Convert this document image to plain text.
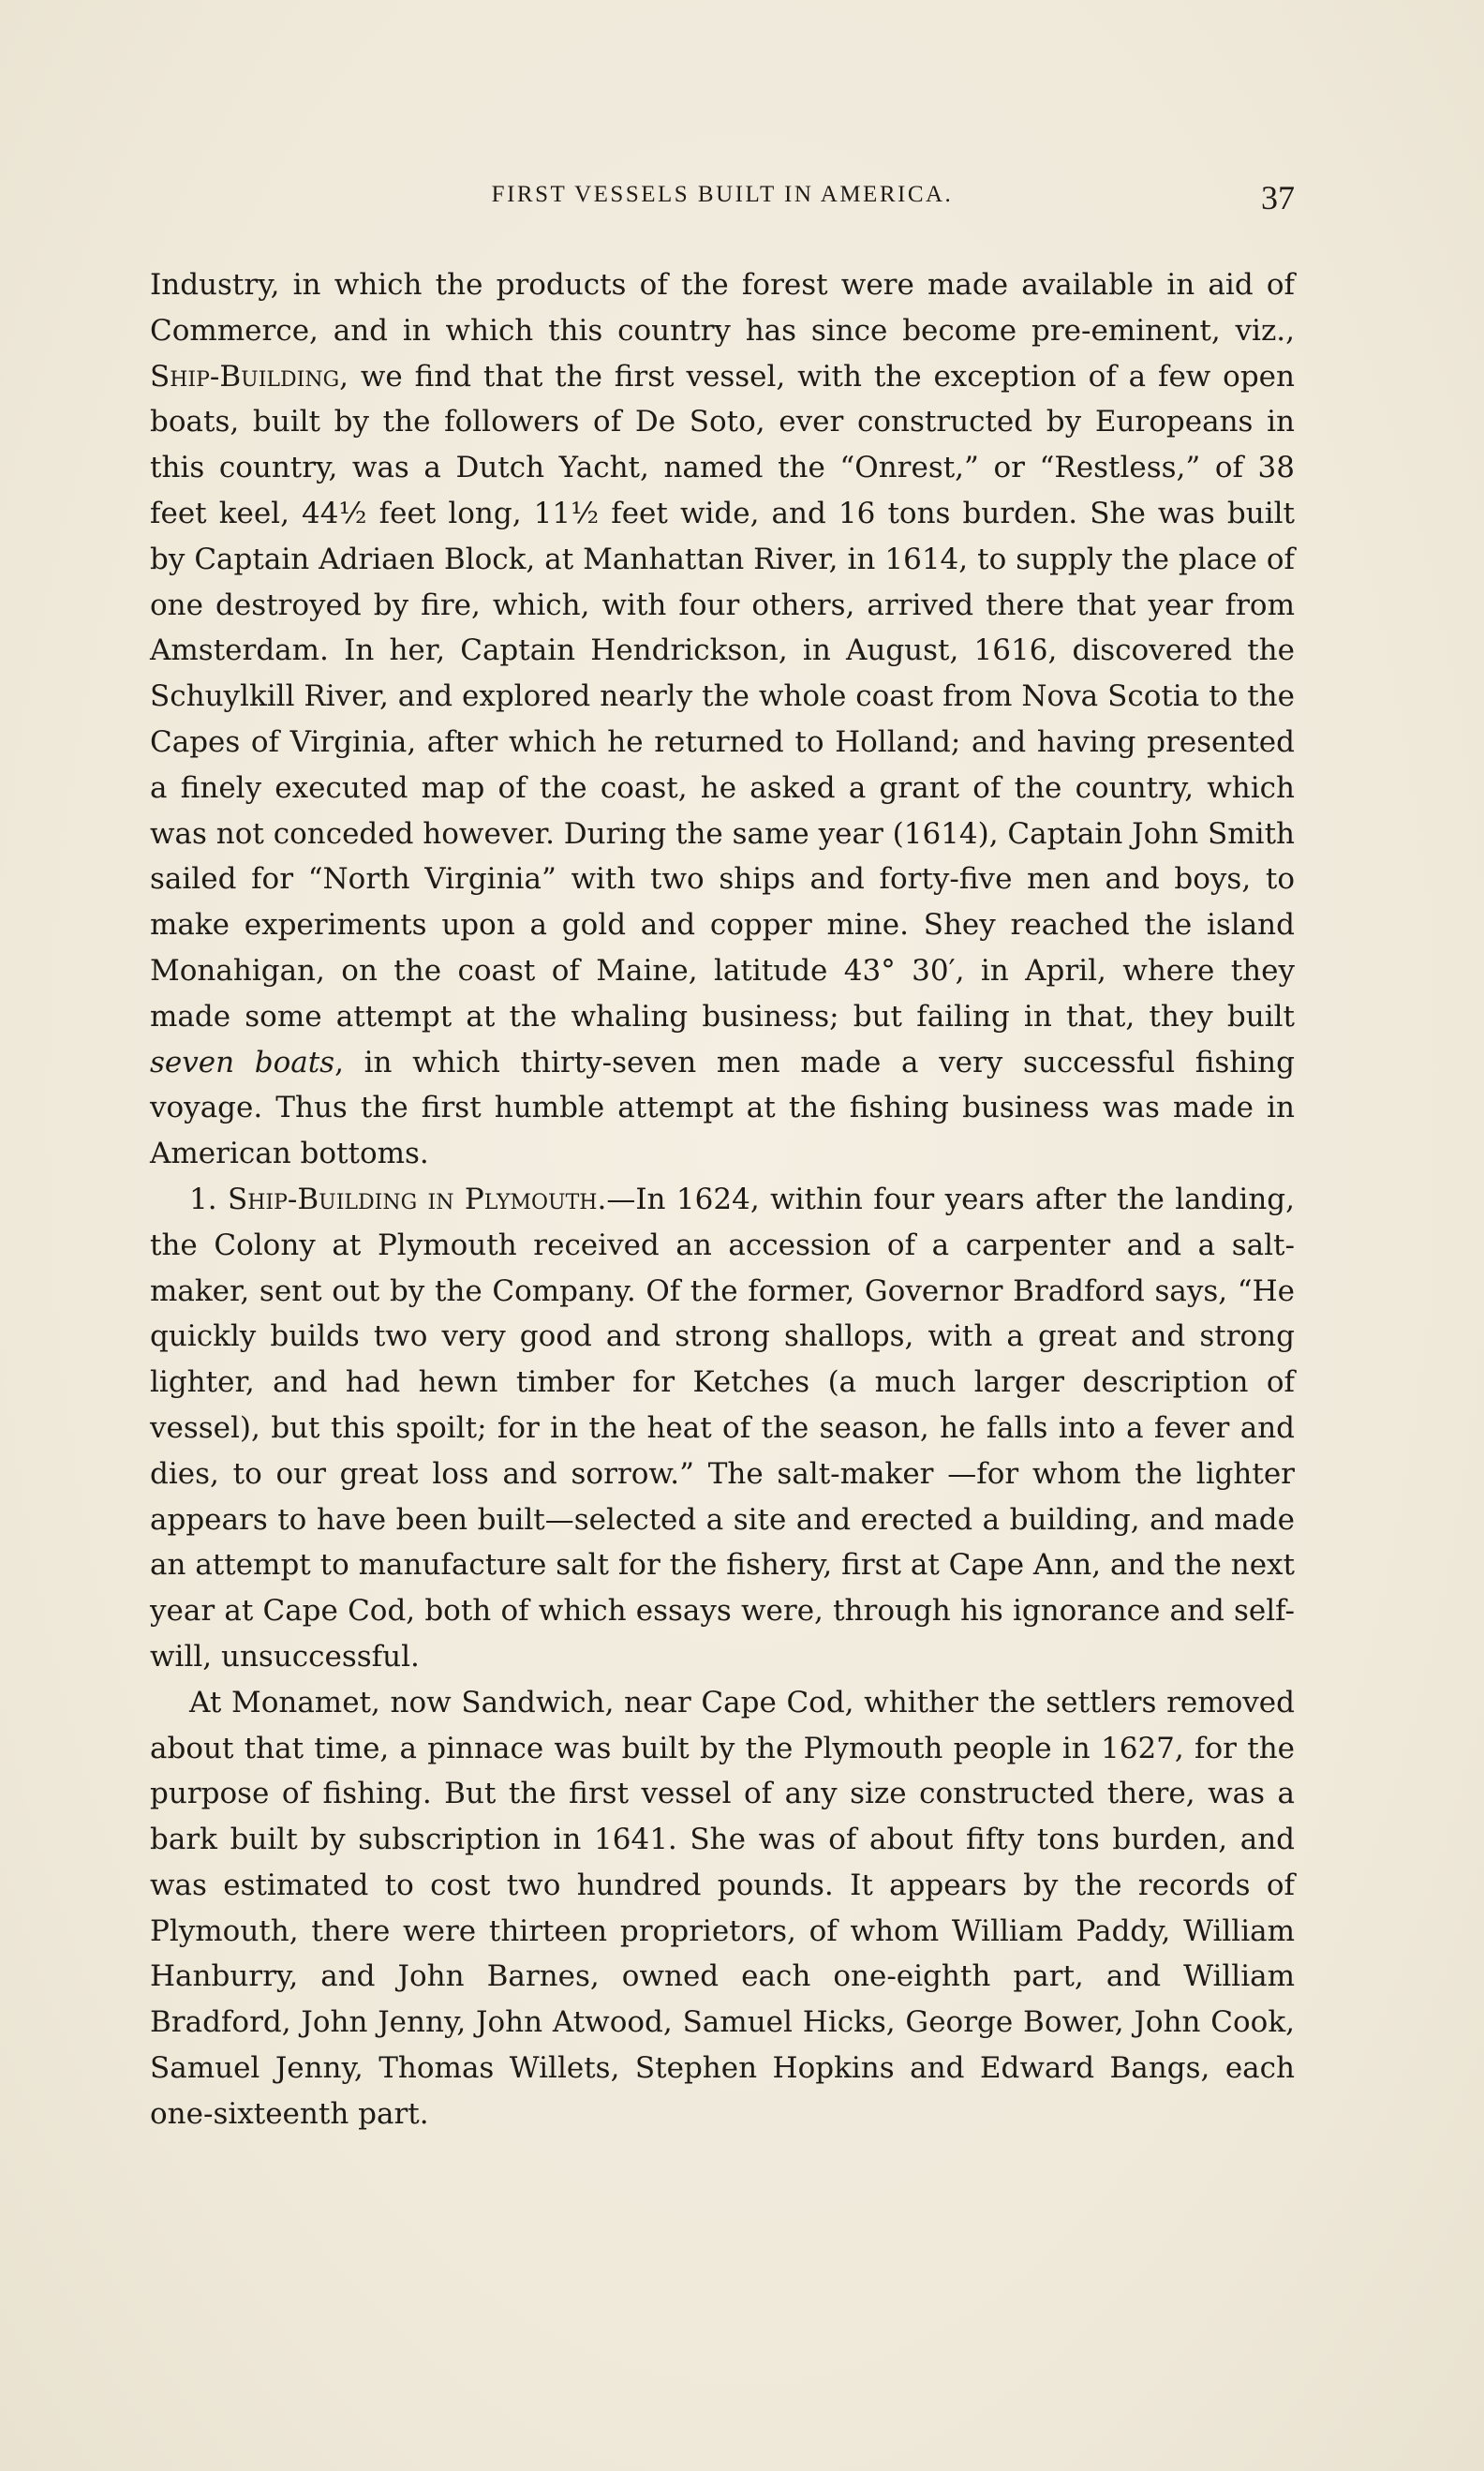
FIRST VESSELS BUILT IN AMERICA.	37

Industry, in which the products of the forest were made available in aid of Commerce, and in which this country has since become pre-eminent, viz., Ship-Building, we find that the first vessel, with the exception of a few open boats, built by the followers of De Soto, ever constructed by Europeans in this country, was a Dutch Yacht, named the “Onrest,” or “Restless,” of 38 feet keel, 44½ feet long, 11½ feet wide, and 16 tons burden. She was built by Captain Adriaen Block, at Manhattan River, in 1614, to supply the place of one destroyed by fire, which, with four others, arrived there that year from Amsterdam. In her, Captain Hendrickson, in August, 1616, discovered the Schuylkill River, and explored nearly the whole coast from Nova Scotia to the Capes of Virginia, after which he returned to Holland; and having presented a finely executed map of the coast, he asked a grant of the country, which was not conceded however. During the same year (1614), Captain John Smith sailed for “North Virginia” with two ships and forty-five men and boys, to make experiments upon a gold and copper mine. Shey reached the island Monahigan, on the coast of Maine, latitude 43° 30′, in April, where they made some attempt at the whaling business; but failing in that, they built seven boats, in which thirty-seven men made a very successful fishing voyage. Thus the first humble attempt at the fishing business was made in American bottoms.

1. Ship-Building in Plymouth.—In 1624, within four years after the landing, the Colony at Plymouth received an accession of a carpenter and a salt-maker, sent out by the Company. Of the former, Governor Bradford says, “He quickly builds two very good and strong shallops, with a great and strong lighter, and had hewn timber for Ketches (a much larger description of vessel), but this spoilt; for in the heat of the season, he falls into a fever and dies, to our great loss and sorrow.” The salt-maker —for whom the lighter appears to have been built—selected a site and erected a building, and made an attempt to manufacture salt for the fishery, first at Cape Ann, and the next year at Cape Cod, both of which essays were, through his ignorance and self-will, unsuccessful.

At Monamet, now Sandwich, near Cape Cod, whither the settlers removed about that time, a pinnace was built by the Plymouth people in 1627, for the purpose of fishing. But the first vessel of any size constructed there, was a bark built by subscription in 1641. She was of about fifty tons burden, and was estimated to cost two hundred pounds. It appears by the records of Plymouth, there were thirteen proprietors, of whom William Paddy, William Hanburry, and John Barnes, owned each one-eighth part, and William Bradford, John Jenny, John Atwood, Samuel Hicks, George Bower, John Cook, Samuel Jenny, Thomas Willets, Stephen Hopkins and Edward Bangs, each one-sixteenth part.
